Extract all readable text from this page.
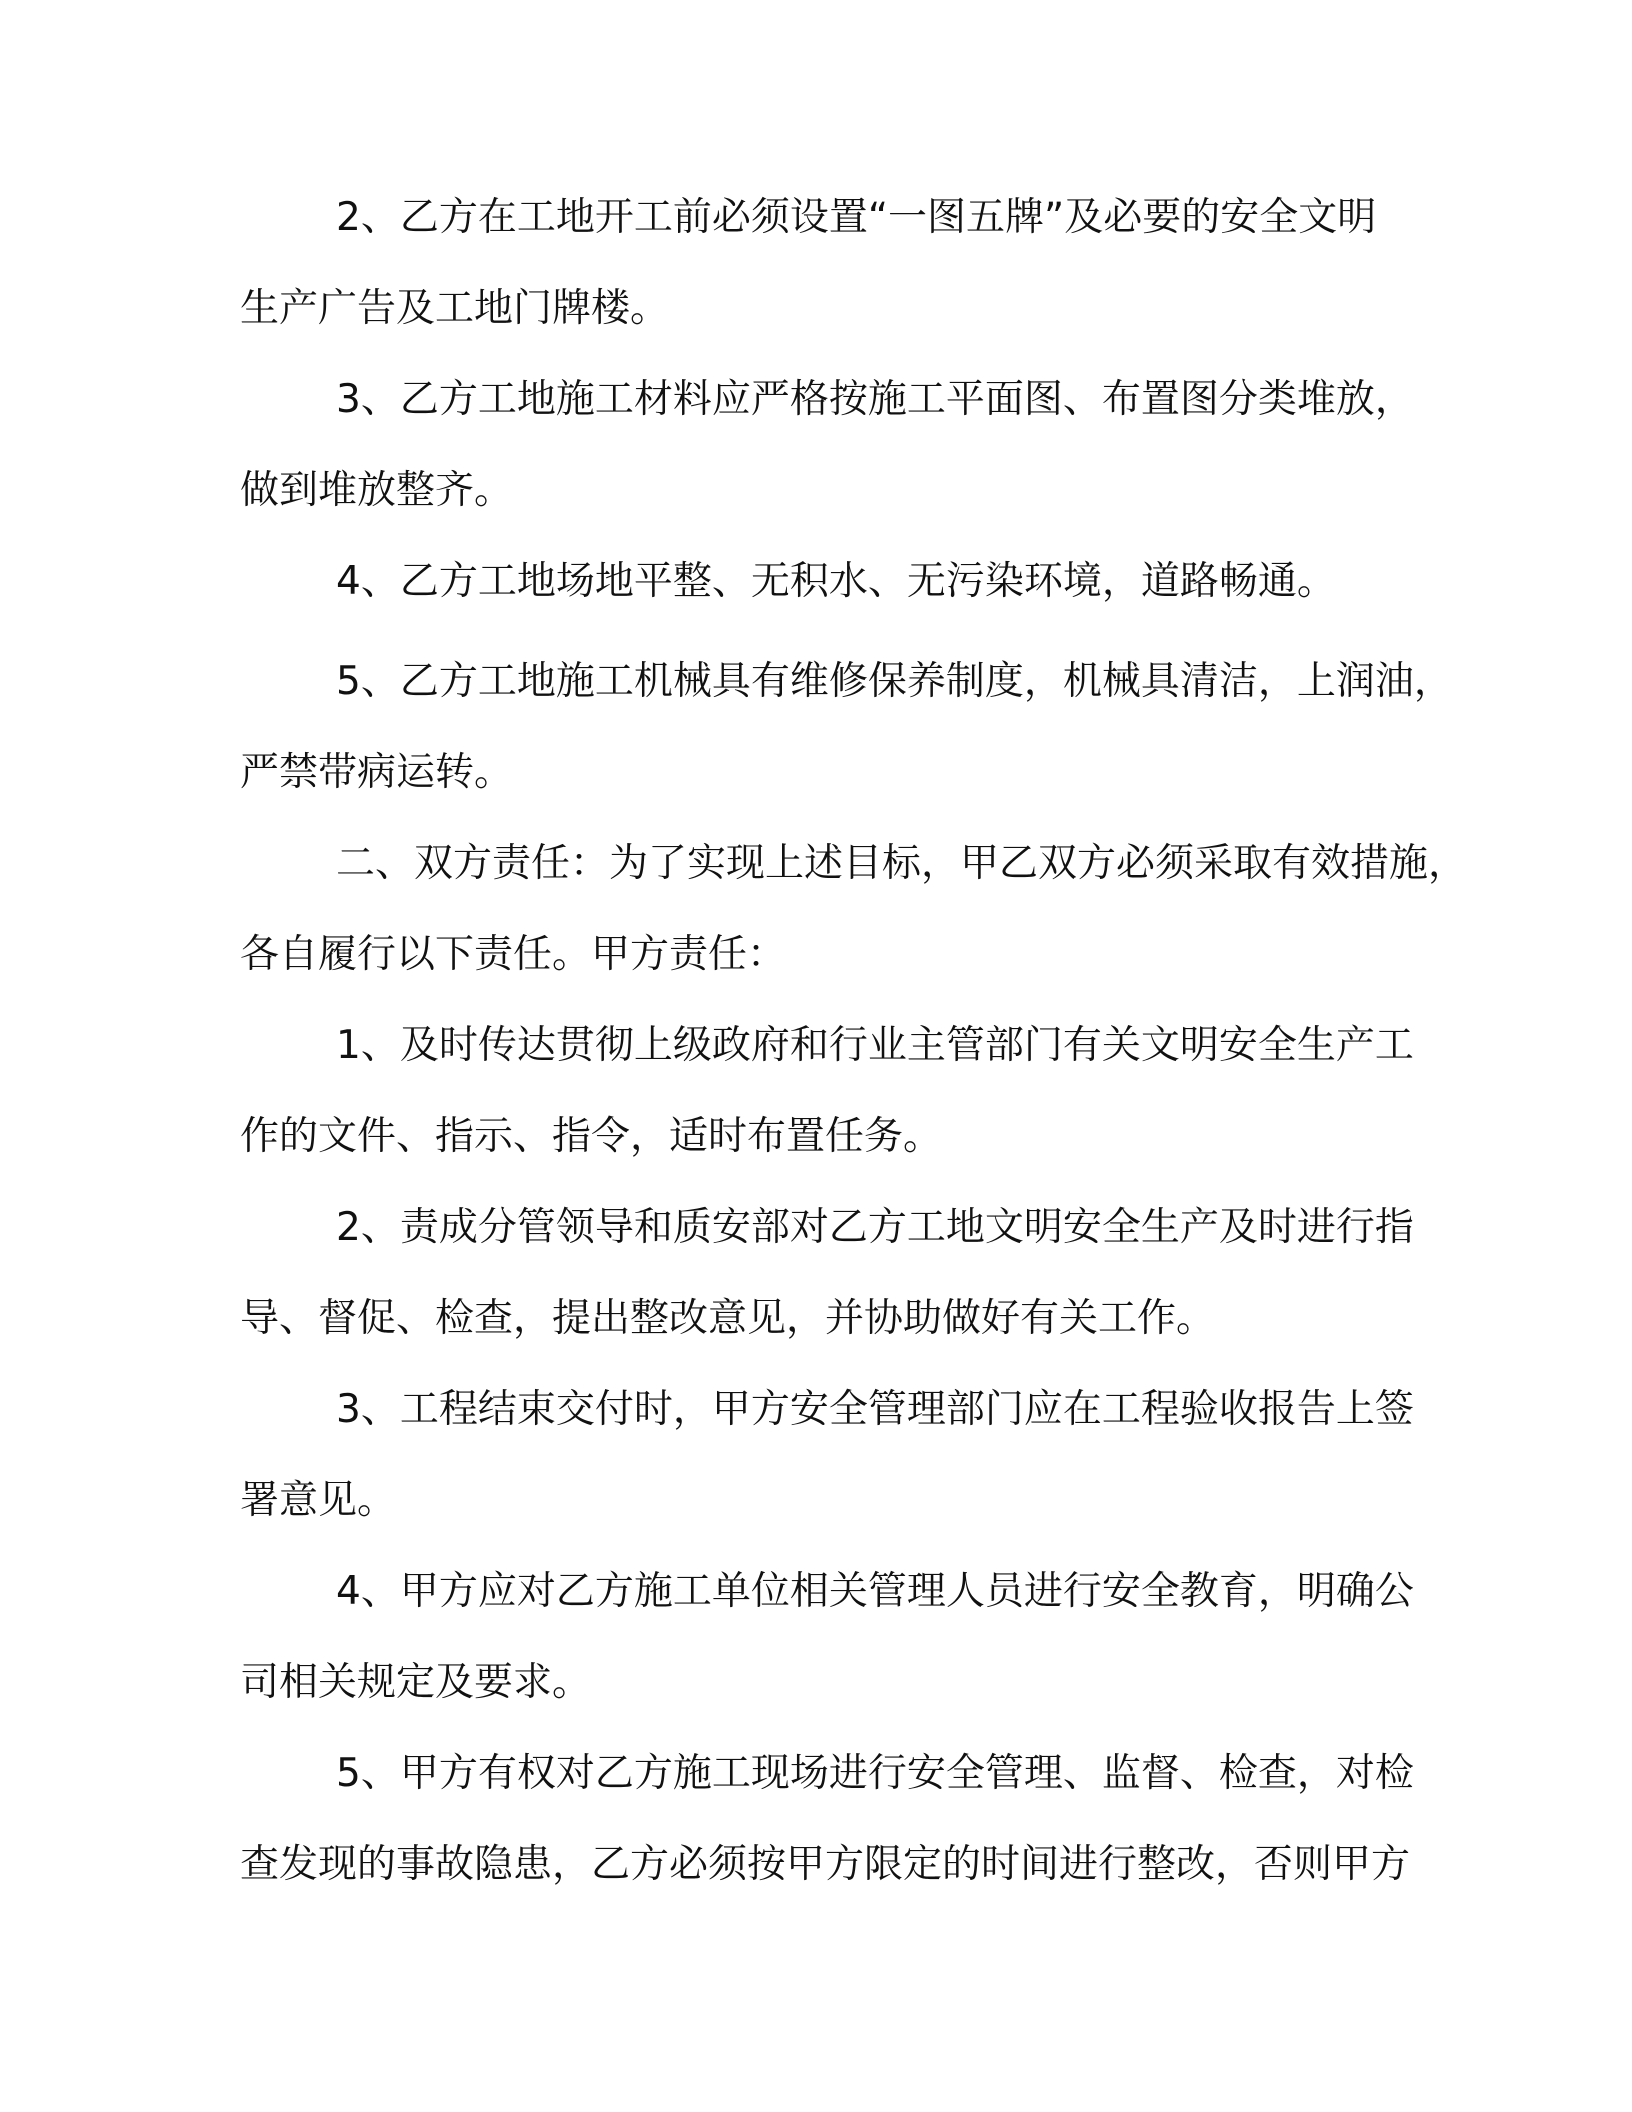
2、乙方在工地开工前必须设置“一图五牌”及必要的安全文明
生产广告及工地门牌楼。
3、乙方工地施工材料应严格按施工平面图、布置图分类堆放，
做到堆放整齐。
4、乙方工地场地平整、无积水、无污染环境，道路畅通。
5、乙方工地施工机械具有维修保养制度，机械具清洁，上润油，
严禁带病运转。
二、双方责任：为了实现上述目标，甲乙双方必须采取有效措施，
各自履行以下责任。甲方责任：
1、及时传达贯彻上级政府和行业主管部门有关文明安全生产工
作的文件、指示、指令，适时布置任务。
2、责成分管领导和质安部对乙方工地文明安全生产及时进行指
导、督促、检查，提出整改意见，并协助做好有关工作。
3、工程结束交付时，甲方安全管理部门应在工程验收报告上签
署意见。
4、甲方应对乙方施工单位相关管理人员进行安全教育，明确公
司相关规定及要求。
5、甲方有权对乙方施工现场进行安全管理、监督、检查，对检
查发现的事故隐患，乙方必须按甲方限定的时间进行整改，否则甲方
